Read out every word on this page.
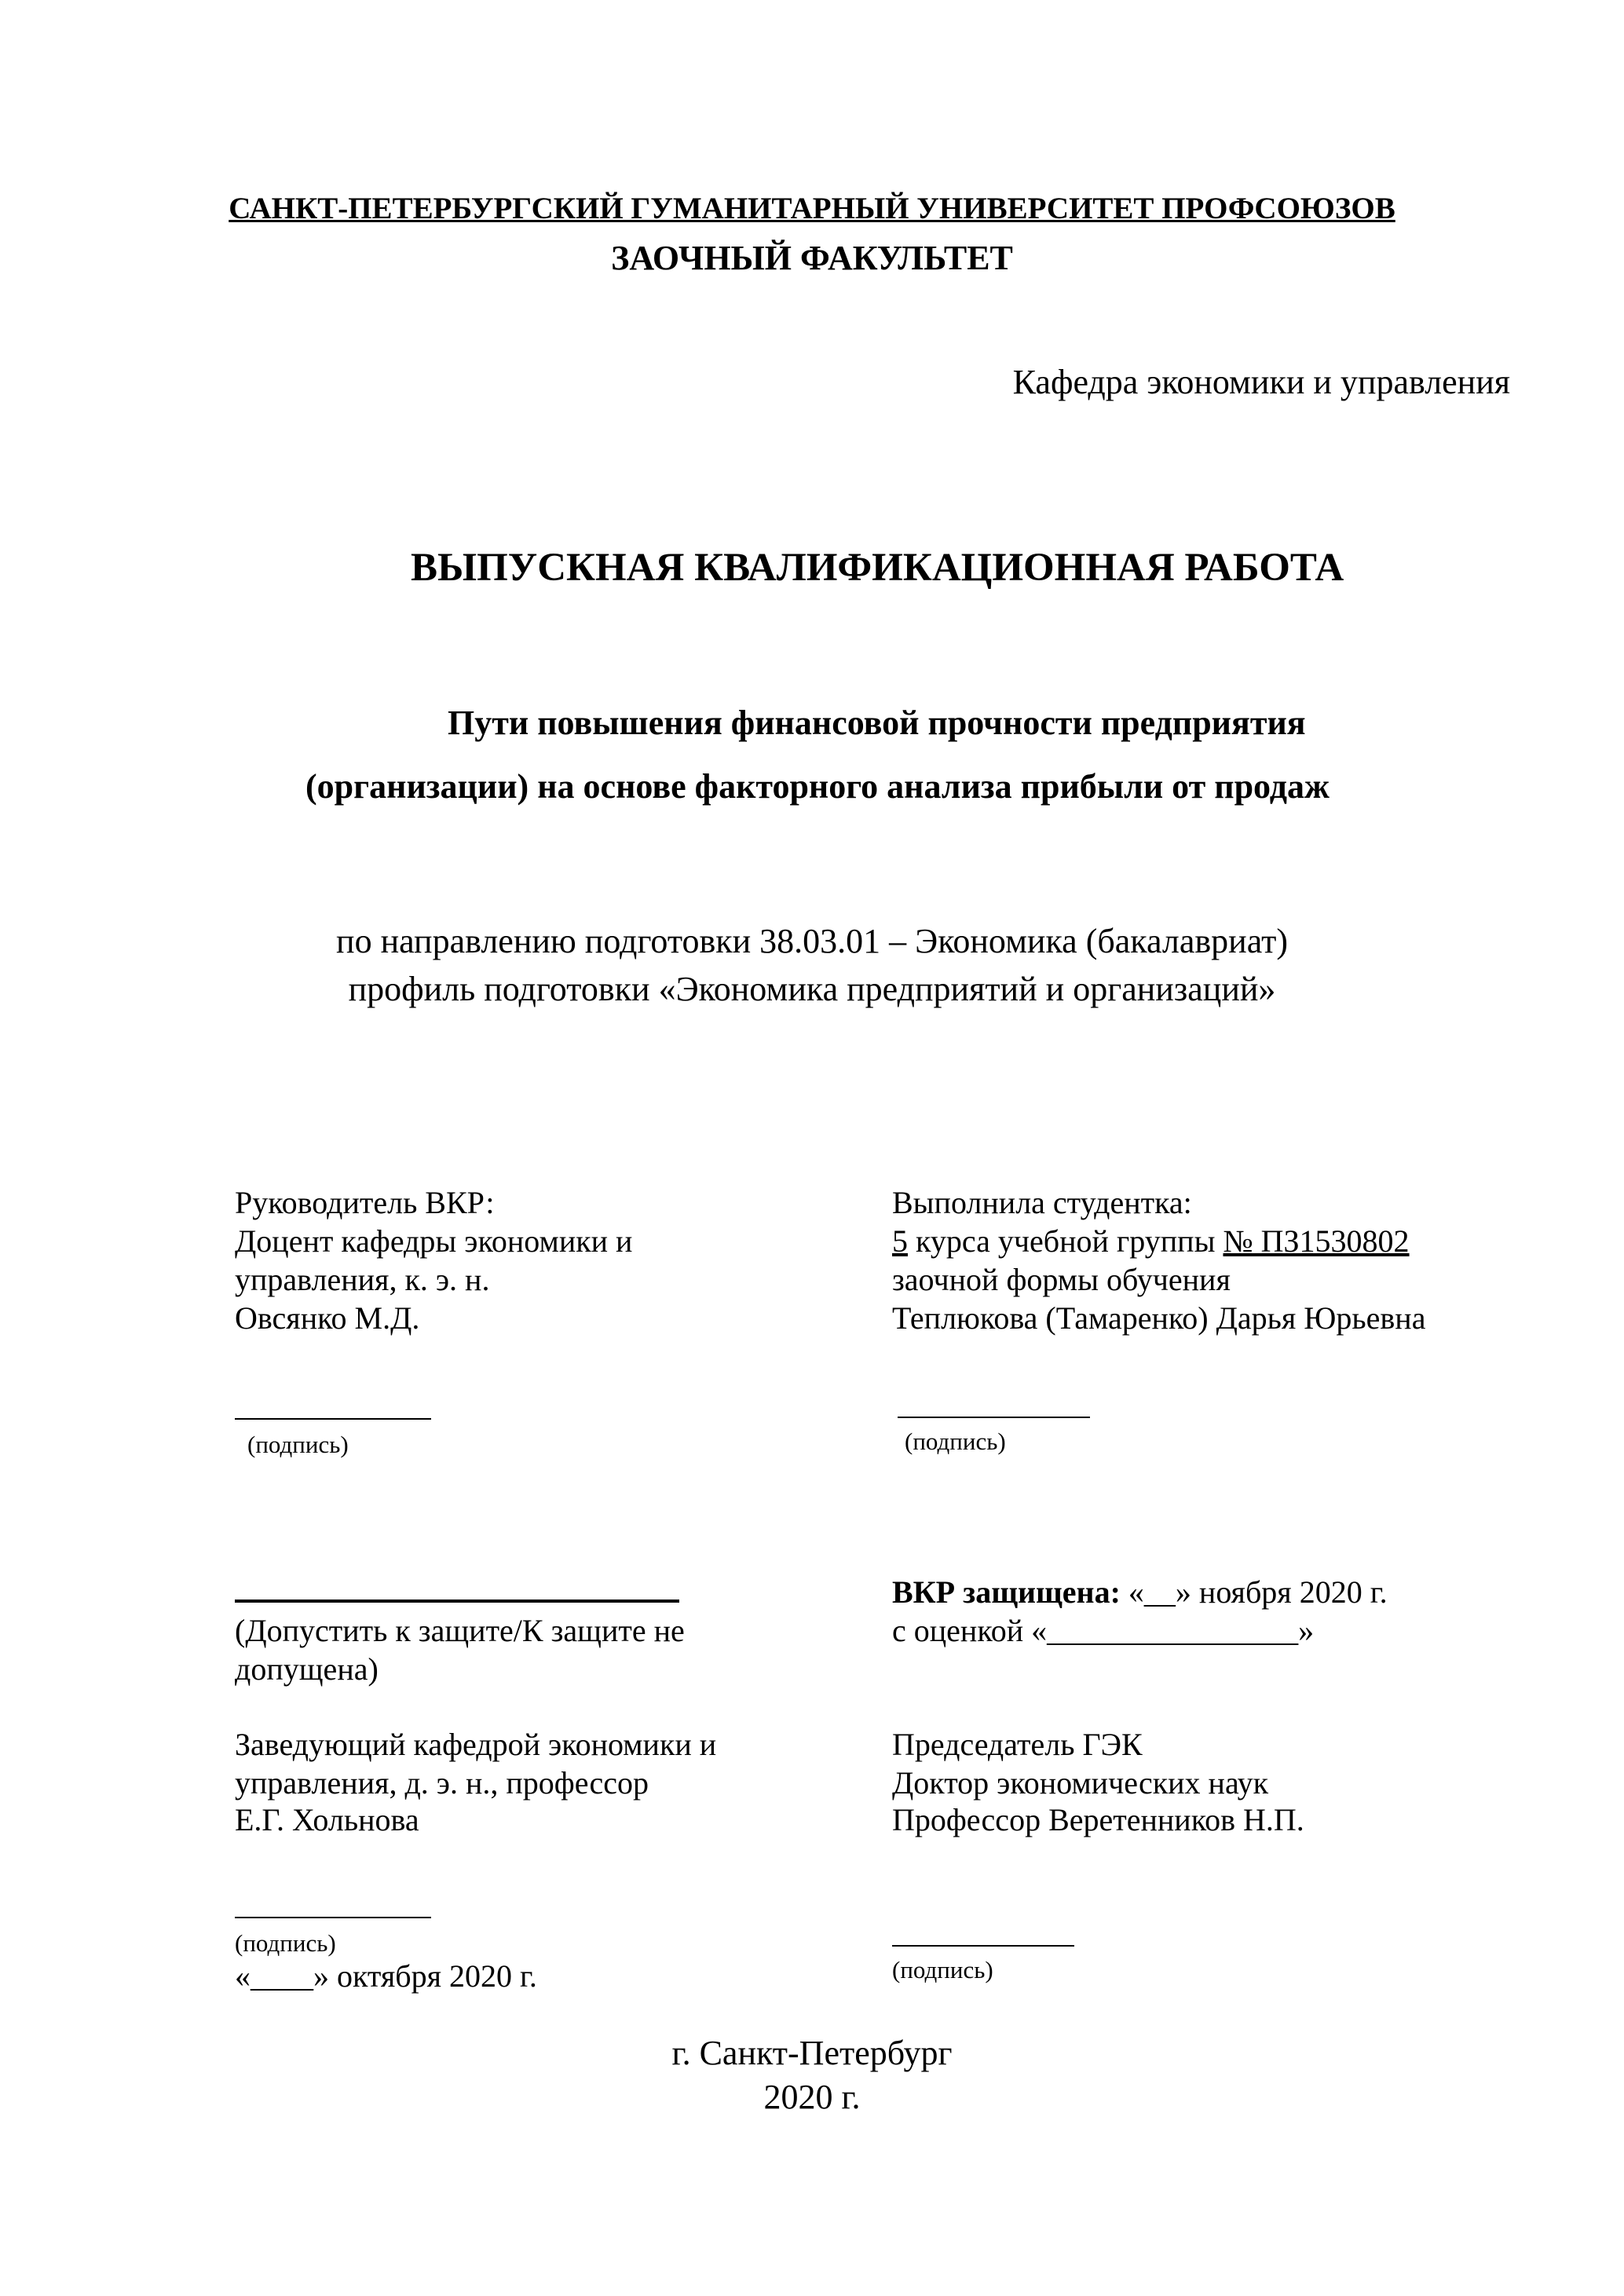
САНКТ-ПЕТЕРБУРГСКИЙ ГУМАНИТАРНЫЙ УНИВЕРСИТЕТ ПРОФСОЮЗОВ
ЗАОЧНЫЙ ФАКУЛЬТЕТ
Кафедра экономики и управления
ВЫПУСКНАЯ КВАЛИФИКАЦИОННАЯ РАБОТА
Пути повышения финансовой прочности предприятия
(организации) на основе факторного анализа прибыли от продаж
по направлению подготовки 38.03.01 – Экономика (бакалавриат)
профиль подготовки «Экономика предприятий и организаций»
Руководитель ВКР:
Доцент кафедры экономики и
управления, к. э. н.
Овсянко М.Д.
(подпись)
Выполнила студентка:
5 курса учебной группы № ПЗ1530802
заочной формы обучения
Теплюкова (Тамаренко) Дарья Юрьевна
(подпись)
(Допустить к защите/К защите не
допущена)
ВКР защищена: «__» ноября 2020 г.
с оценкой «________________»
Заведующий кафедрой экономики и
управления, д. э. н., профессор
Е.Г. Хольнова
(подпись)
«____» октября 2020 г.
Председатель ГЭК
Доктор экономических наук
Профессор Веретенников Н.П.
(подпись)
г. Санкт-Петербург
2020 г.
